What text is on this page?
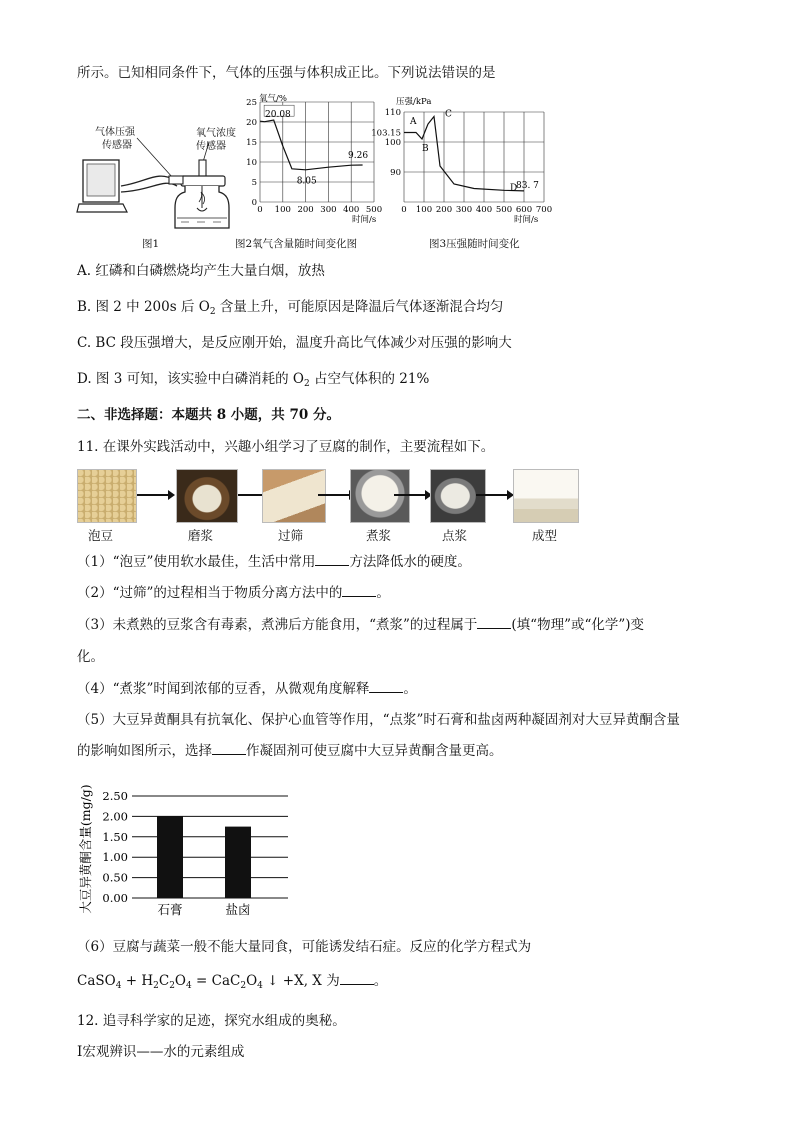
所示。已知相同条件下，气体的压强与体积成正比。下列说法错误的是
气体压强
传感器
氧气浓度
传感器
图1
0 100 200 300 400 500
0
5
10
15
20
25 氧气/%
时间/s
20.08
8.05
9.26
图2氧气含量随时间变化图
0 100 200 300 400 500 600 700
90
100
110
103.15
压强/kPa
时间/s
A
B
C
D
83. 7
图3压强随时间变化
A. 红磷和白磷燃烧均产生大量白烟，放热
B. 图 2 中 200s 后 $O_2$ 含量上升，可能原因是降温后气体逐渐混合均匀
C. BC 段压强增大，是反应刚开始，温度升高比气体减少对压强的影响大
D. 图 3 可知，该实验中白磷消耗的 $O_2$ 占空气体积的 21%
二、非选择题：本题共 8 小题，共 70 分。
11. 在课外实践活动中，兴趣小组学习了豆腐的制作，主要流程如下。
泡豆	磨浆	过筛	煮浆	点浆	成型
（1）“泡豆”使用软水最佳，生活中常用	方法降低水的硬度。
（2）“过筛”的过程相当于物质分离方法中的	。
（3）未煮熟的豆浆含有毒素，煮沸后方能食用，“煮浆”的过程属于	(填“物理”或“化学”)变
化。
（4）“煮浆”时闻到浓郁的豆香，从微观角度解释	。
（5）大豆异黄酮具有抗氧化、保护心血管等作用，“点浆”时石膏和盐卤两种凝固剂对大豆异黄酮含量
的影响如图所示，选择	作凝固剂可使豆腐中大豆异黄酮含量更高。
2.50
2.00
1.50
1.00
0.50
0.00
石膏	盐卤
大豆异黄酮含量(mg/g)
（6）豆腐与蔬菜一般不能大量同食，可能诱发结石症。反应的化学方程式为
CaSO$_4$ + $H_2C_2O_4 = CaC_2O_4$ ↓ +X, X 为	。
12. 追寻科学家的足迹，探究水组成的奥秘。
Ⅰ宏观辨识——水的元素组成
